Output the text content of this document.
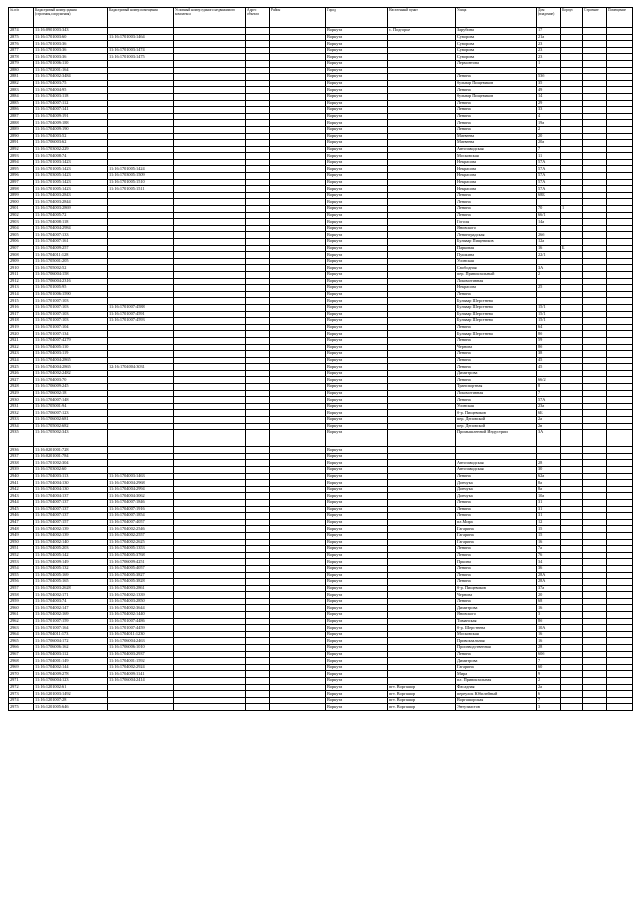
№ п/п	Кадастровый номер здания (строения,сооружения)	Кадастровый номер помещения	Условный номер единого недвижимого комплекса	Адрес объекта	Район	Город	Населенный пункт	Улица	Дом (владение)	Корпус	Строение	Помещение
2874	11:16:0901003:343					Воркута	с. Подгорье	Зарубина	17			
2875	11:16:1701003:60	11:16:1701003:1464				Воркута		Суворова	21а			
2876	11:16:1701003:36					Воркута		Суворова	23			
2877	11:16:1701003:36	11:16:1701003:1474				Воркута		Суворова	23			
2878	11:16:1701003:36	11:16:1701003:1475				Воркута		Суворова	23			
2879	11:16:1701006:110					Воркута		Лермонтова	1			
2880	11:16:1702001:164					Воркута						
2881	11:16:1704002:3484					Воркута		Ленина	53б			
2882	11:16:1704003:75					Воркута		бульвар Пищевиков	35			
2883	11:16:1704004:95					Воркута		Ленина	49			
2884	11:16:1704003:118					Воркута		бульвар Пищевиков	14			
2885	11:16:1704007:112					Воркута		Ленина	29			
2886	11:16:1704007:141					Воркута		Ленина	33			
2887	11:16:1704009:191					Воркута		Ленина	4			
2888	11:16:1704009:188					Воркута		Ленина	19а			
2889	11:16:1704009:190					Воркута		Ленина	2			
2890	11:16:1704003:52					Воркута		Матвеева	20			
2891	11:16:1706003:62					Воркута		Матвеева	20а			
2892	11:16:1703002:229					Воркута		Автозаводская	7			
2893	11:16:1704008:74					Воркута		Московская	11			
2894	11:16:1701003:1423					Воркута		Некрасова	57А			
2895	11:16:1701005:1423	11:16:1701005:1424				Воркута		Некрасова	57А			
2896	11:16:1703005:1423	11:16:1703005:1509				Воркута		Некрасова	57А			
2897	11:16:1701005:1423	11:16:1701005:1510				Воркута		Некрасова	57А			
2898	11:16:1701005:1423	11:16:1701005:1511				Воркута		Некрасова	57А			
2899	11:16:1704003:2843					Воркута		Ленина	68Б			
2900	11:16:1704003:2844					Воркута		Ленина				
2901	11:16:1704003:2869					Воркута		Ленина	70	1		
2902	11:16:1704005:72					Воркута		Ленина	66/1			
2903	11:16:1704008:118					Воркута		Гоголя	14а			
2904	11:16:1704004:2984					Воркута		Яновского				
2905	11:16:1704007:133					Воркута		Ленинградская	26б			
2906	11:16:1704007:161					Воркута		Бульвар Пищевиков	12а			
2907	11:16:1704009:257					Воркута		Парковая	16	Б		
2908	11:16:1704011:128					Воркута		Пушкина	22/1			
2909	11:16:1705001:205					Воркута		Усинская				
2910	11:16:1705002:52					Воркута		Свободная	3А			
2911	11:16:1706004:158					Воркута		пер. Привокзальный	2			
2912	11:16:1706004:2316					Воркута		Локомотивная				
2913	11:16:1701005:95					Воркута		Некрасова	25			
2914	11:16:1701006:1590					Воркута		Ленина				
2915	11:16:1701007:103					Воркута		Бульвар Шерстнева				
2916	11:16:1701007:103	11:16:1701007:4588				Воркута		Бульвар Шерстнева	15/1			
2917	11:16:1701007:103	11:16:1701007:4591				Воркута		Бульвар Шерстнева	15/1			
2918	11:16:1701007:103	11:16:1701007:4593				Воркута		Бульвар Шерстнева	15/1			
2919	11:16:1701007:104					Воркута		Ленина	64			
2920	11:16:1701007:134					Воркута		Бульвар Шерстнева	8б			
2921	11:16:1704007:4279					Воркута		Ленина	59			
2922	11:16:1704005:110					Воркута		Чернова	8б			
2923	11:16:1704003:119					Воркута		Ленина	38			
2924	11:16:1704004:2865					Воркута		Ленина	45			
2925	11:16:1704004:2865	12:16:1704004:3031				Воркута		Ленина	45			
2926	11:16:1704002:2482					Воркута		Димитрова				
2927	11:16:1704003:70					Воркута		Ленина	66/2			
2928	11:16:1706009:245					Воркута		Транспортная	8			
2929	11:16:1706002:18					Воркута		Локомотивная	7			
2930	11:16:1704007:148					Воркута		Ленина	57А			
2931	11:16:1705001:94					Воркута		Усинская	23а			
2932	11:16:1706007:123					Воркута		б-р. Пищевиков	6Б			
2933	11:16:1706002:681					Воркута		пер. Деповской	2а			
2934	11:16:1705002:682					Воркута		пер. Деповской	2в			
2935	11:16:1705002:343					Воркута		Промышленной Индустрии	3А			
2936	11:16:0201001:728					Воркута						
2937	11:16:0201001:784					Воркута						
2938	11:16:1701002:304					Воркута		Автозаводская	28			
2939	11:16:1703002:60					Воркута		Автозаводская	30			
2940	11:16:1704003:113	11:16:1704003:1463				Воркута		Ленина	62а			
2941	11:16:1704004:130	11:16:1704004:2968				Воркута		Дончука	8а			
2942	11:16:1704004:130	11:16:1704004:2994				Воркута		Дончука	8а			
2943	11:16:1704004:137	11:16:1704004:3062				Воркута		Дончука	10а			
2944	11:16:1704007:137	11:16:1704007:1846				Воркута		Ленина	31			
2945	11:16:1704007:137	11:16:1704007:1916				Воркута		Ленина	31			
2946	11:16:1704007:137	11:16:1704007:1854				Воркута		Ленина	31			
2947	11:16:1704007:157	11:16:1704007:4057				Воркута		пл.Мира	12			
2948	11:16:1704002:139	11:16:1704002:2546				Воркута		Гагарина	15			
2949	11:16:1704002:139	11:16:1704002:2557				Воркута		Гагарина	15			
2950	11:16:1704002:140	11:16:1704002:2625				Воркута		Гагарина	16			
2951	11:16:1704005:203	11:16:1704005:1353				Воркута		Ленина	7а			
2952	11:16:1704005:142	11:16:1704005:3768				Воркута		Ленина	76			
2953	11:16:1704009:149	11:16:1706009:4251				Воркута		Пркина	34			
2954	11:16:1704005:132	11:16:1704005:4057				Воркута		Ленина	36			
2955	11:16:1704005:169	11:16:1704005:3827				Воркута		Ленина	28А			
2956	11:16:1704005:165	11:16:1704005:3828				Воркута		Ленина	28А			
2957	11:16:1704003:2628	11:16:1704003:2861				Воркута		б-р. Пищевиков	37а			
2958	11:16:1704002:171	11:16:1704002:1339				Воркута		Чернова	20			
2959	11:16:1704003:74	11:16:1704003:2850				Воркута		Ленина	68			
2960	11:16:1704002:147	11:16:1704002:3644				Воркута		Димитрова	16			
2961	11:16:1704002:169	11:16:1704002:1440				Воркута		Яновского	3			
2962	11:16:1701007:159	11:16:1701007:4486				Воркута		Тиманская	8б			
2963	11:16:1701007:164	11:16:1701007:4459				Воркута		б-р. Шерстнева	10А			
2964	11:16:1704011:173	11:16:1704011:1230				Воркута		Московская	16			
2965	11:16:1706004:172	11:16:1706004:2463				Воркута		Привокзальная	16			
2966	11:16:1706006:162	11:16:1706006:1010				Воркута		Производственная	28			
2967	11:16:1704003:112	11:16:1704003:2937				Воркута		Ленина	60б			
2968	11:16:1704001:149	11:16:1704001:1592				Воркута		Димитрова	7			
2969	11:16:1704002:144	11:16:1704002:2924				Воркута		Гагарина	60			
2970	11:16:1704009:278	11:16:1704009:1141				Воркута		Мира	9			
2971	11:16:1706004:123	11:16:1706004:2414				Воркута		пл. Привокзальная	2			
2972	11:16:1201002:61					Воркута	пгт. Воргашор	Фасадная	2а			
2973	11:16:1201003:1492					Воркута	пгт. Воргашор	переулок Юбилейный	6			
2974	11:16:1201007:28					Воркута	пгт. Воргашор	Воргашорская	7			
2975	11:16:1201005:646					Воркута	пгт. Воргашор	Энтузиастов	3			
